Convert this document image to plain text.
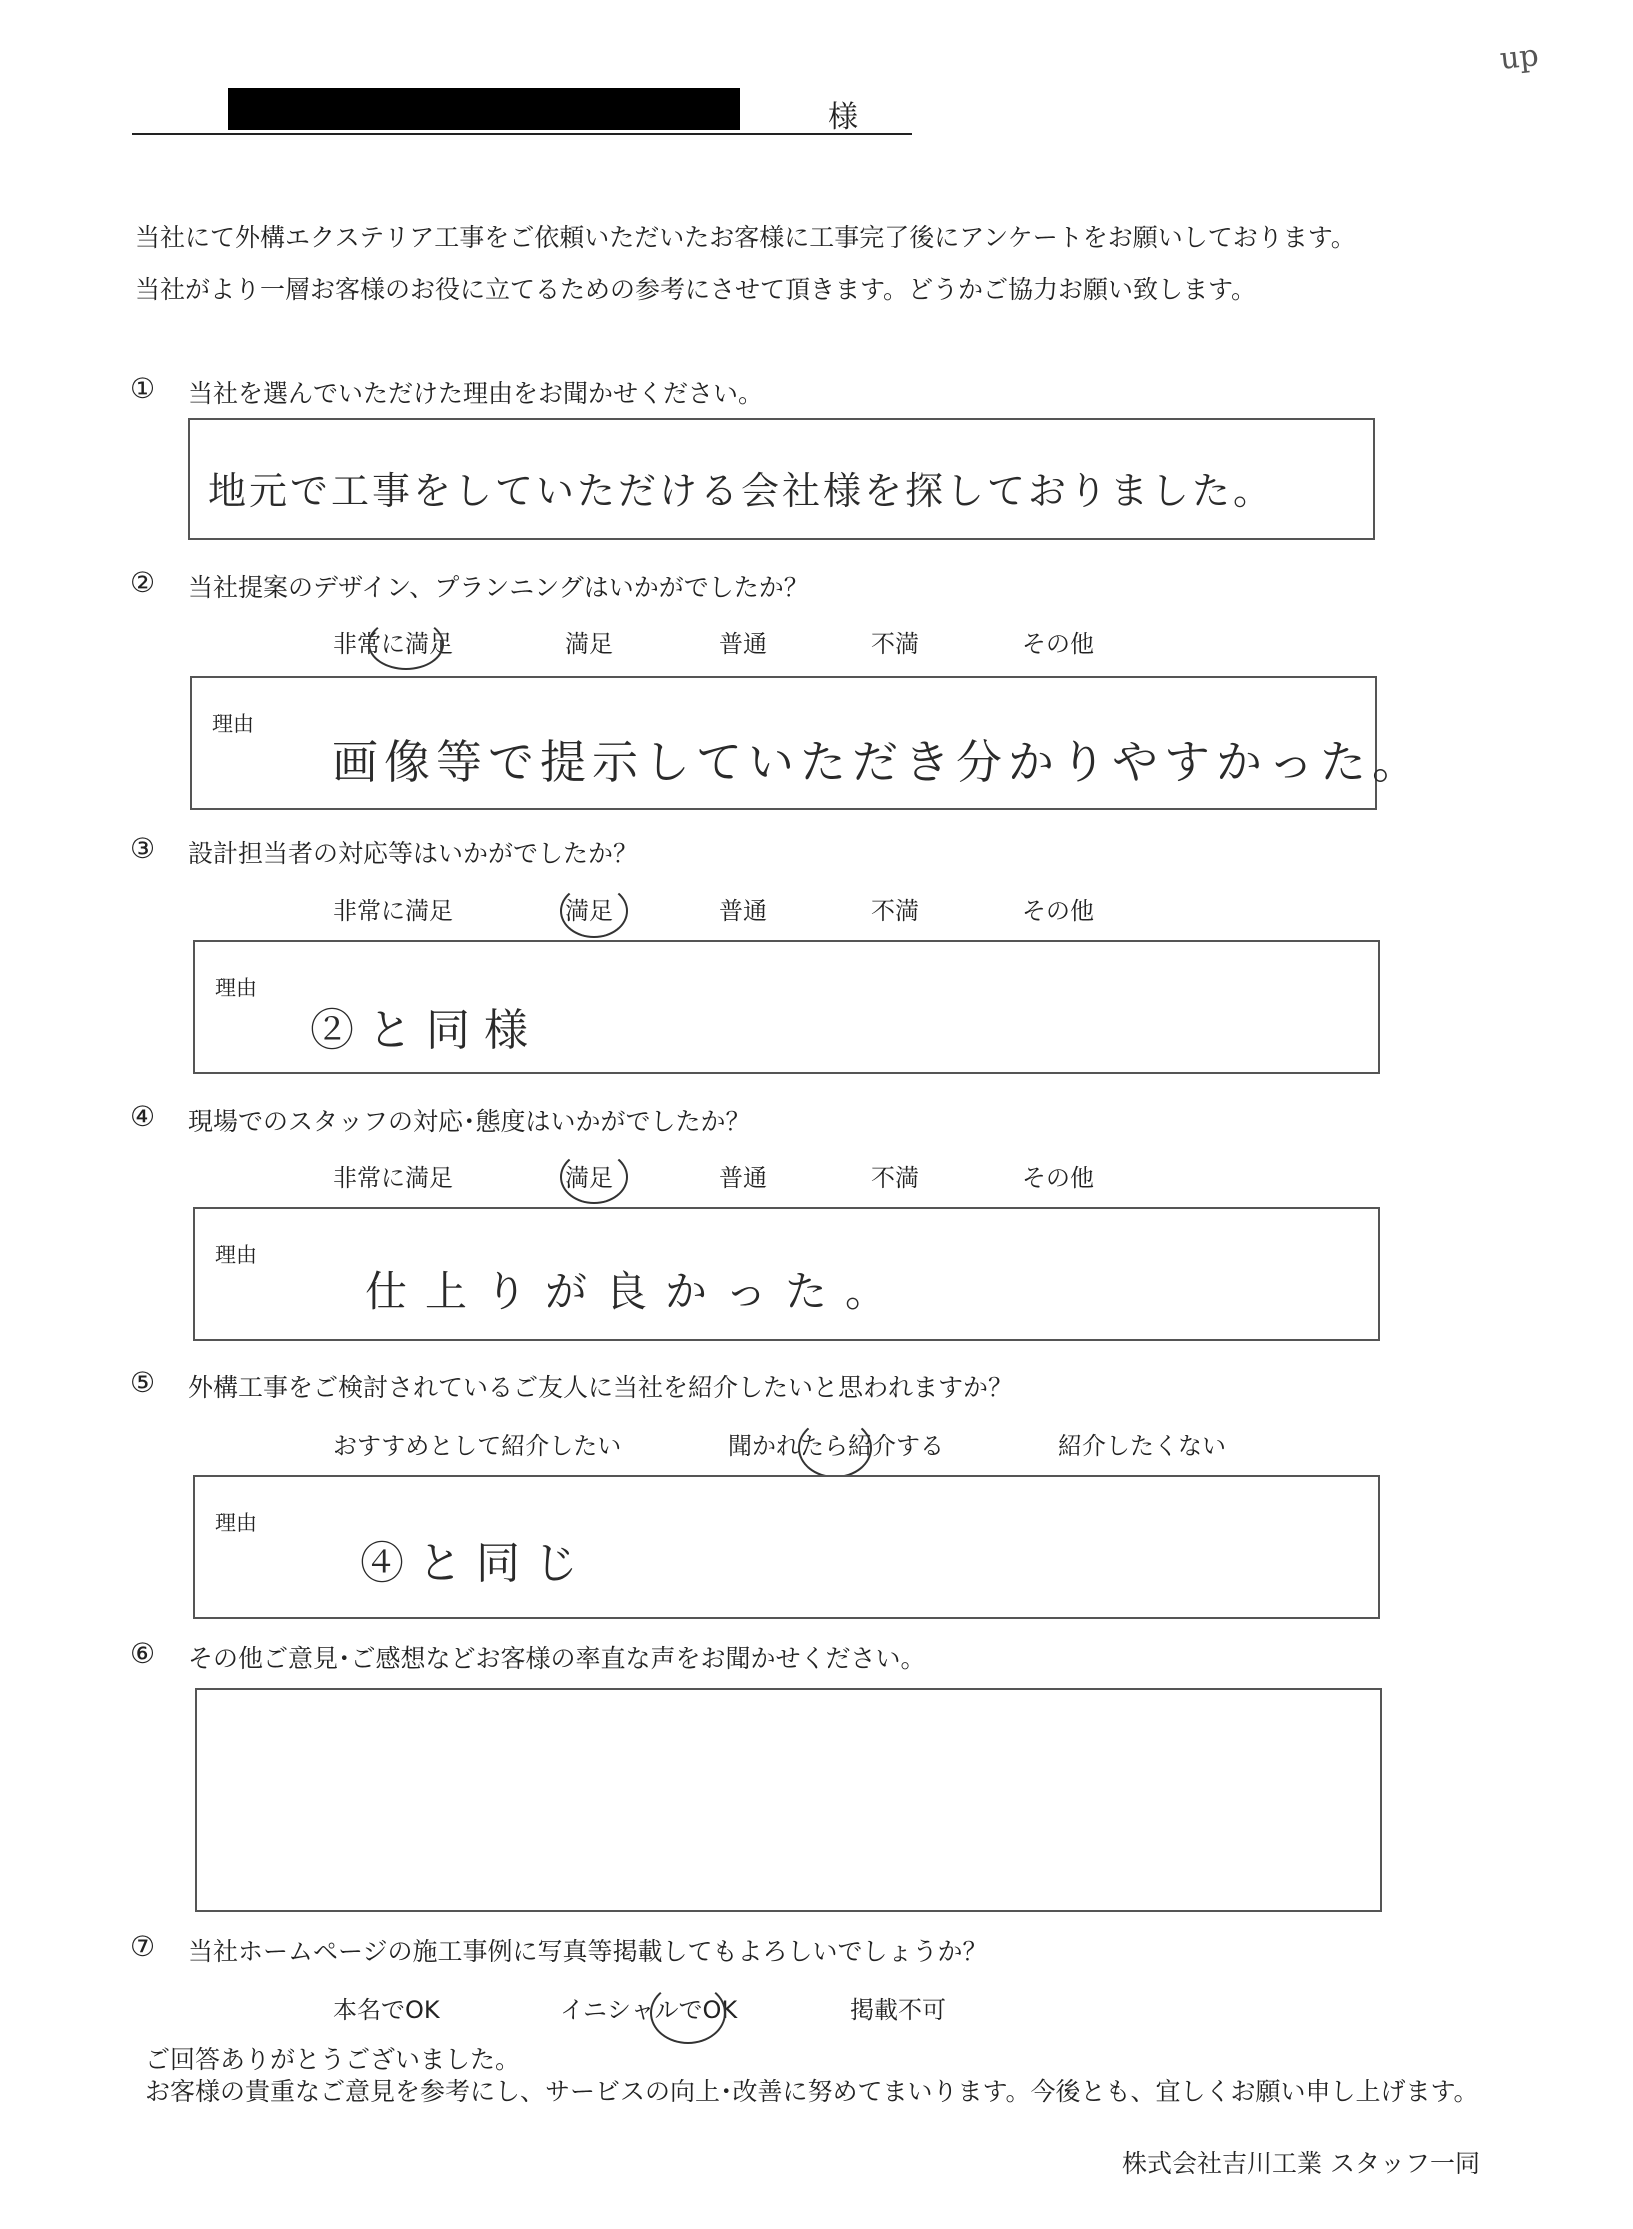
up
様
当社にて外構エクステリア工事をご依頼いただいたお客様に工事完了後にアンケートをお願いしております。
当社がより一層お客様のお役に立てるための参考にさせて頂きます。どうかご協力お願い致します。
① 当社を選んでいただけた理由をお聞かせください。
地元で工事をしていただける会社様を探しておりました。
② 当社提案のデザイン、プランニングはいかがでしたか？
非常に満足	満足	普通	不満	その他
理由
画像等で提示していただき分かりやすかった。
③ 設計担当者の対応等はいかがでしたか？
非常に満足	満足	普通	不満	その他
理由
②と同様
④ 現場でのスタッフの対応･態度はいかがでしたか？
非常に満足	満足	普通	不満	その他
理由
仕上りが良かった。
⑤ 外構工事をご検討されているご友人に当社を紹介したいと思われますか？
おすすめとして紹介したい	聞かれたら紹介する	紹介したくない
理由
④と同じ
⑥ その他ご意見･ご感想などお客様の率直な声をお聞かせください。
⑦ 当社ホームページの施工事例に写真等掲載してもよろしいでしょうか？
本名でOK	イニシャルでOK	掲載不可
ご回答ありがとうございました。
お客様の貴重なご意見を参考にし、サービスの向上･改善に努めてまいります。今後とも、宜しくお願い申し上げます。
株式会社吉川工業 スタッフ一同
